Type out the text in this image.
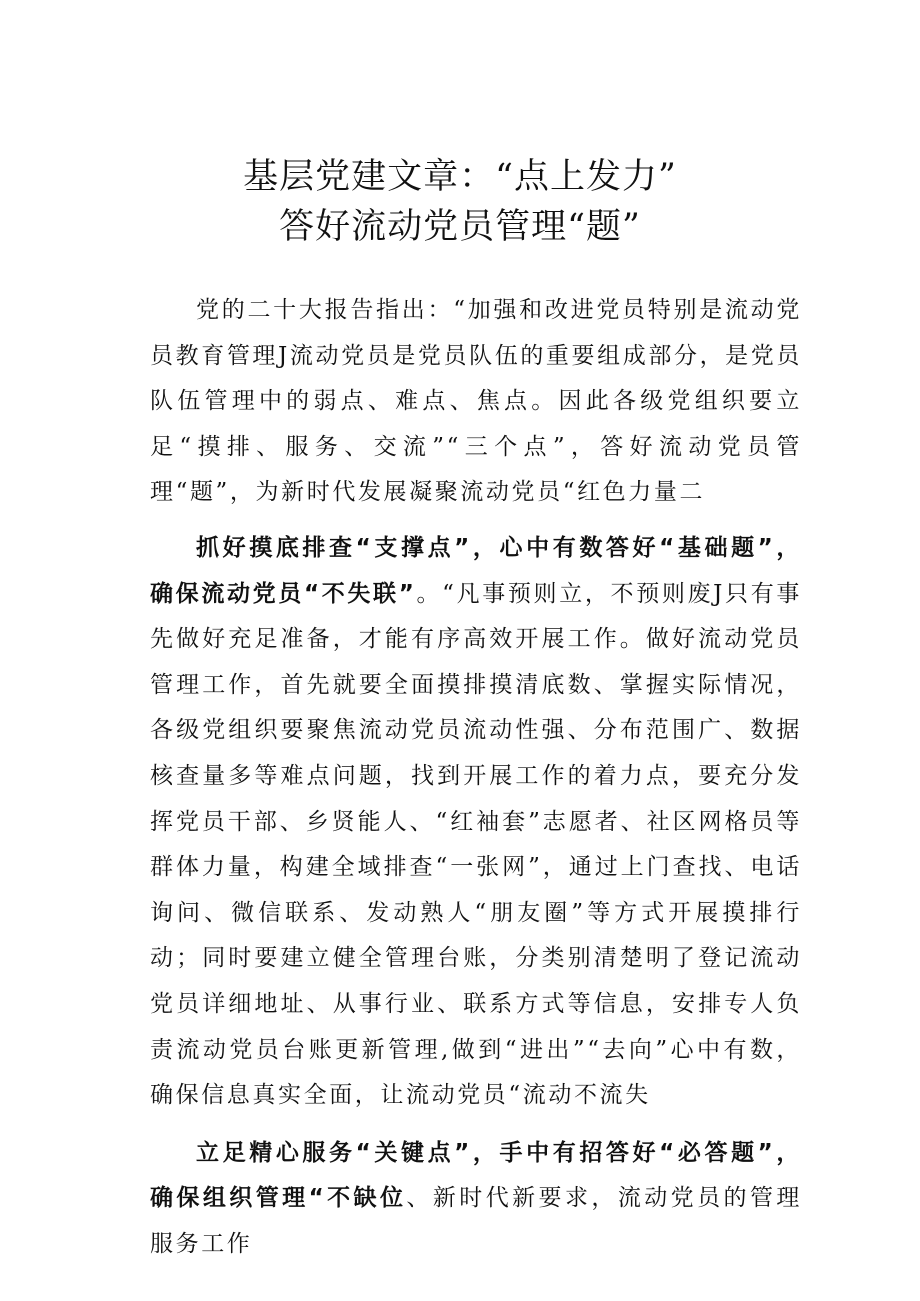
基层党建文章：“点上发力”
答好流动党员管理“题”

党的二十大报告指出：“加强和改进党员特别是流动党员教育管理J流动党员是党员队伍的重要组成部分，是党员队伍管理中的弱点、难点、焦点。因此各级党组织要立足“摸排、服务、交流”“三个点”，答好流动党员管理“题”，为新时代发展凝聚流动党员“红色力量二

抓好摸底排查“支撑点”，心中有数答好“基础题”，确保流动党员“不失联”。“凡事预则立，不预则废J只有事先做好充足准备，才能有序高效开展工作。做好流动党员管理工作，首先就要全面摸排摸清底数、掌握实际情况，各级党组织要聚焦流动党员流动性强、分布范围广、数据核查量多等难点问题，找到开展工作的着力点，要充分发挥党员干部、乡贤能人、“红袖套”志愿者、社区网格员等群体力量，构建全域排查“一张网”，通过上门查找、电话询问、微信联系、发动熟人“朋友圈”等方式开展摸排行动；同时要建立健全管理台账，分类别清楚明了登记流动党员详细地址、从事行业、联系方式等信息，安排专人负责流动党员台账更新管理,做到“进出”“去向”心中有数，确保信息真实全面，让流动党员“流动不流失

立足精心服务“关键点”，手中有招答好“必答题”，确保组织管理“不缺位、新时代新要求，流动党员的管理服务工作
